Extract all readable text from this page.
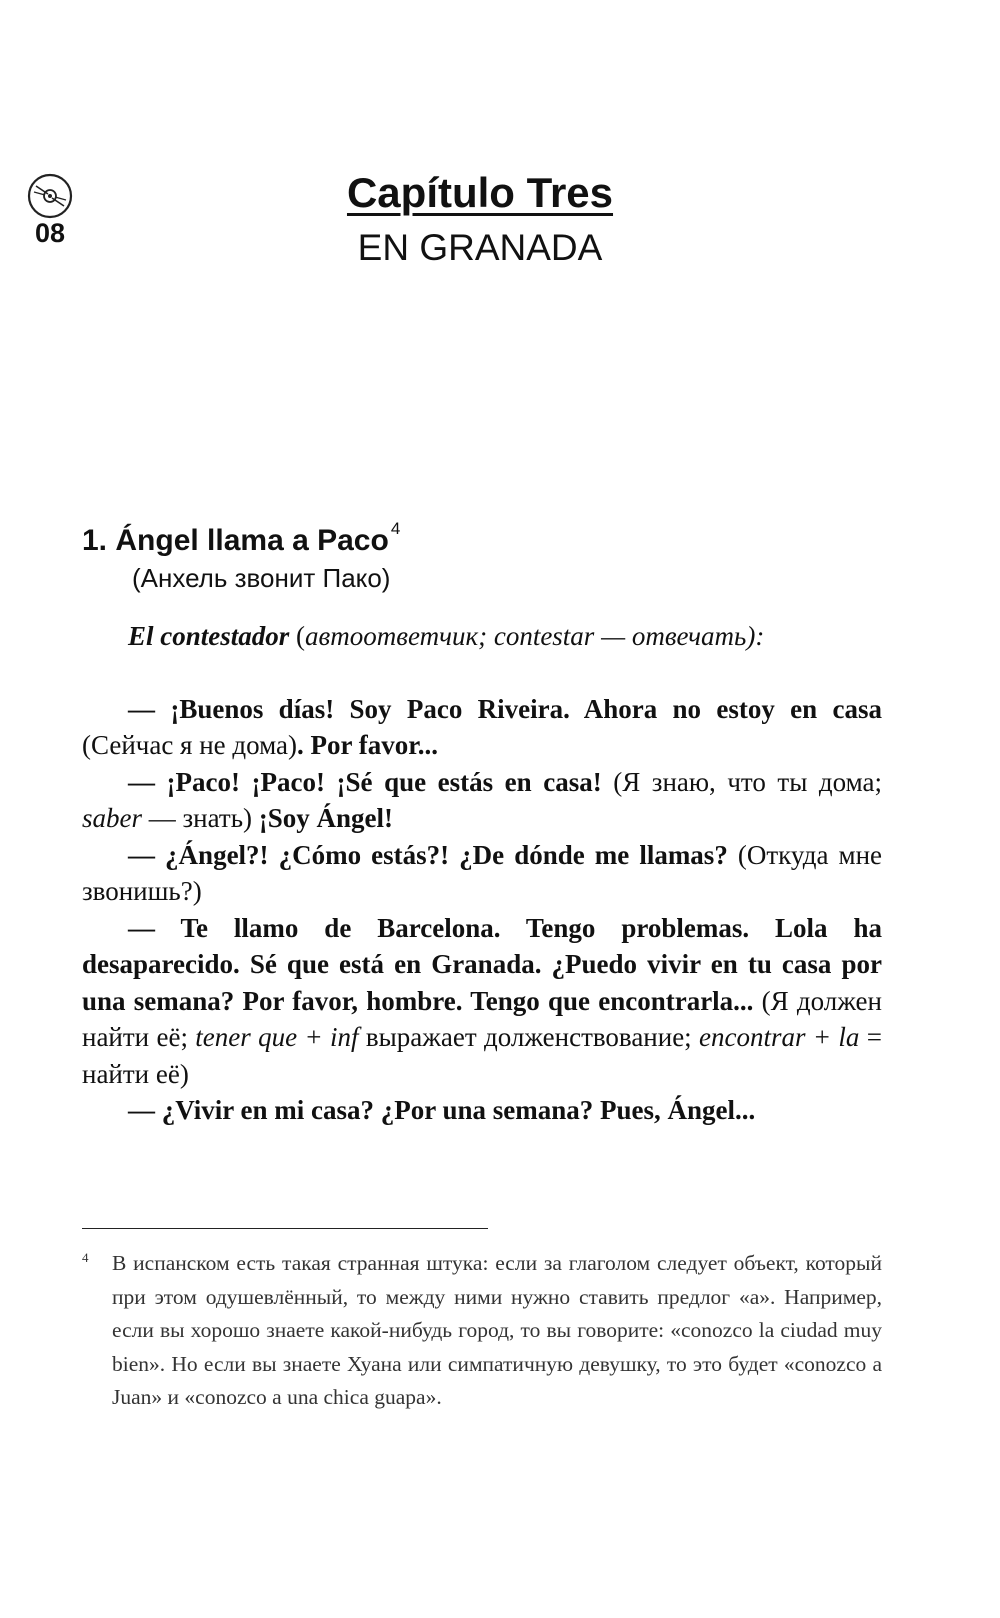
08
Capítulo Tres
EN GRANADA
1. Ángel llama a Paco $^4$
(Анхель звонит Пако)

El contestador (автоответчик; contestar — отвечать):

— ¡Buenos días! Soy Paco Riveira. Ahora no estoy en casa (Сейчас я не дома). Por favor...

— ¡Paco! ¡Paco! ¡Sé que estás en casa! (Я знаю, что ты дома; saber — знать) ¡Soy Ángel!

— ¿Ángel?! ¿Cómo estás?! ¿De dónde me llamas? (Откуда мне звонишь?)

— Te llamo de Barcelona. Tengo problemas. Lola ha desaparecido. Sé que está en Granada. ¿Puedo vivir en tu casa por una semana? Por favor, hombre. Tengo que encontrarla... (Я должен найти её; tener que + inf выражает долженствование; encontrar + la = найти её)

— ¿Vivir en mi casa? ¿Por una semana? Pues, Ángel...

4 В испанском есть такая странная штука: если за глаголом следует объект, который при этом одушевлённый, то между ними нужно ставить предлог «а». Например, если вы хорошо знаете какой-нибудь город, то вы говорите: «conozco la ciudad muy bien». Но если вы знаете Хуана или симпатичную девушку, то это будет «conozco a Juan» и «conozco a una chica guapa».
